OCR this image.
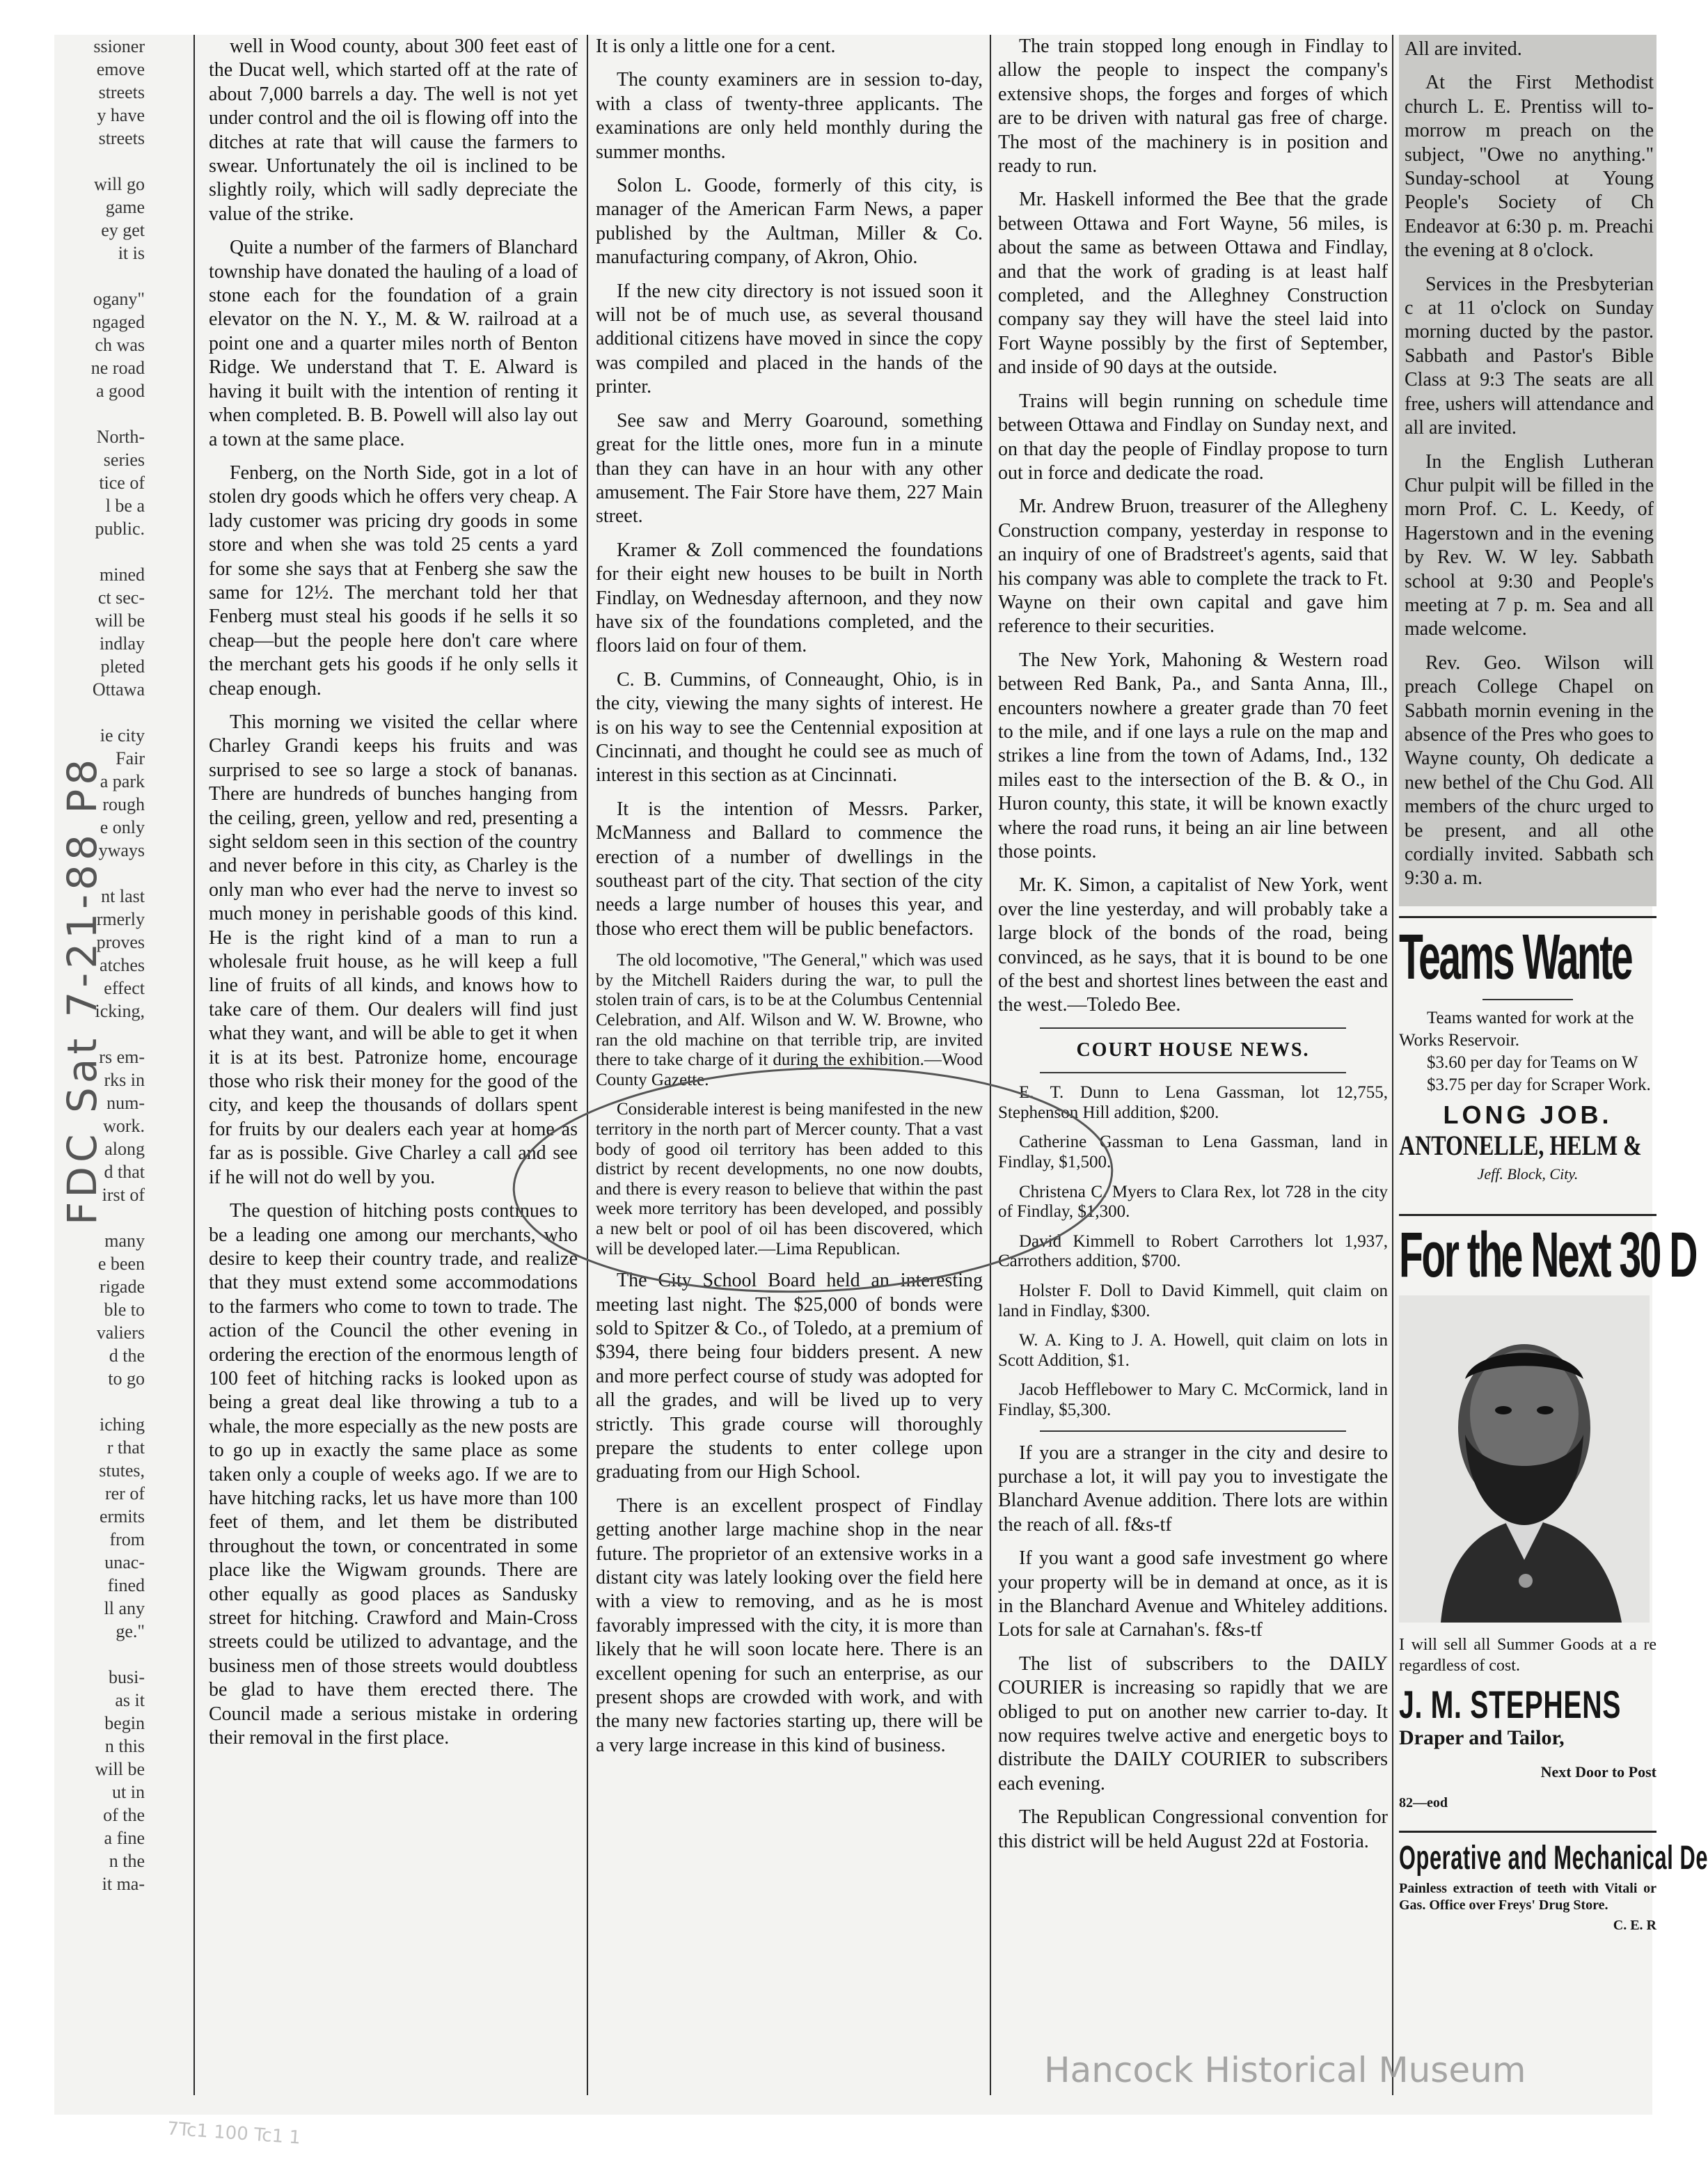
ssioner
emove
streets
y have
streets

will go
game
ey get
it is

ogany"
ngaged
ch was
ne road
a good

North-
series
tice of
l be a
public.

mined
ct sec-
will be
indlay
pleted
Ottawa

ie city
Fair
a park
rough
e only
yways

nt last
rmerly
proves
atches
effect
icking,

rs em-
rks in
num-
work.
along
d that
irst of

many
e been
rigade
ble to
valiers
d the
to go

iching
r that
stutes,
rer of
ermits
from
unac-
fined
ll any
ge."

busi-
as it
begin
n this
will be
ut in
of the
a fine
n the
it ma-

FDC Sat 7-21-88 P8

well in Wood county, about 300 feet east of the Ducat well, which started off at the rate of about 7,000 barrels a day. The well is not yet under control and the oil is flowing off into the ditches at rate that will cause the farmers to swear. Unfortunately the oil is inclined to be slightly roily, which will sadly depreciate the value of the strike.

Quite a number of the farmers of Blanchard township have donated the hauling of a load of stone each for the foundation of a grain elevator on the N. Y., M. & W. railroad at a point one and a quarter miles north of Benton Ridge. We understand that T. E. Alward is having it built with the intention of renting it when completed. B. B. Powell will also lay out a town at the same place.

Fenberg, on the North Side, got in a lot of stolen dry goods which he offers very cheap. A lady customer was pricing dry goods in some store and when she was told 25 cents a yard for some she says that at Fenberg she saw the same for 12½. The merchant told her that Fenberg must steal his goods if he sells it so cheap—but the people here don't care where the merchant gets his goods if he only sells it cheap enough.

This morning we visited the cellar where Charley Grandi keeps his fruits and was surprised to see so large a stock of bananas. There are hundreds of bunches hanging from the ceiling, green, yellow and red, presenting a sight seldom seen in this section of the country and never before in this city, as Charley is the only man who ever had the nerve to invest so much money in perishable goods of this kind. He is the right kind of a man to run a wholesale fruit house, as he will keep a full line of fruits of all kinds, and knows how to take care of them. Our dealers will find just what they want, and will be able to get it when it is at its best. Patronize home, encourage those who risk their money for the good of the city, and keep the thousands of dollars spent for fruits by our dealers each year at home as far as is possible. Give Charley a call and see if he will not do well by you.

The question of hitching posts continues to be a leading one among our merchants, who desire to keep their country trade, and realize that they must extend some accommodations to the farmers who come to town to trade. The action of the Council the other evening in ordering the erection of the enormous length of 100 feet of hitching racks is looked upon as being a great deal like throwing a tub to a whale, the more especially as the new posts are to go up in exactly the same place as some taken only a couple of weeks ago. If we are to have hitching racks, let us have more than 100 feet of them, and let them be distributed throughout the town, or concentrated in some place like the Wigwam grounds. There are other equally as good places as Sandusky street for hitching. Crawford and Main-Cross streets could be utilized to advantage, and the business men of those streets would doubtless be glad to have them erected there. The Council made a serious mistake in ordering their removal in the first place.

It is only a little one for a cent.

The county examiners are in session to-day, with a class of twenty-three applicants. The examinations are only held monthly during the summer months.

Solon L. Goode, formerly of this city, is manager of the American Farm News, a paper published by the Aultman, Miller & Co. manufacturing company, of Akron, Ohio.

If the new city directory is not issued soon it will not be of much use, as several thousand additional citizens have moved in since the copy was compiled and placed in the hands of the printer.

See saw and Merry Goaround, something great for the little ones, more fun in a minute than they can have in an hour with any other amusement. The Fair Store have them, 227 Main street.

Kramer & Zoll commenced the foundations for their eight new houses to be built in North Findlay, on Wednesday afternoon, and they now have six of the foundations completed, and the floors laid on four of them.

C. B. Cummins, of Conneaught, Ohio, is in the city, viewing the many sights of interest. He is on his way to see the Centennial exposition at Cincinnati, and thought he could see as much of interest in this section as at Cincinnati.

It is the intention of Messrs. Parker, McManness and Ballard to commence the erection of a number of dwellings in the southeast part of the city. That section of the city needs a large number of houses this year, and those who erect them will be public benefactors.

The old locomotive, "The General," which was used by the Mitchell Raiders during the war, to pull the stolen train of cars, is to be at the Columbus Centennial Celebration, and Alf. Wilson and W. W. Browne, who ran the old machine on that terrible trip, are invited there to take charge of it during the exhibition.—Wood County Gazette.

Considerable interest is being manifested in the new territory in the north part of Mercer county. That a vast body of good oil territory has been added to this district by recent developments, no one now doubts, and there is every reason to believe that within the past week more territory has been developed, and possibly a new belt or pool of oil has been discovered, which will be developed later.—Lima Republican.

The City School Board held an interesting meeting last night. The $25,000 of bonds were sold to Spitzer & Co., of Toledo, at a premium of $394, there being four bidders present. A new and more perfect course of study was adopted for all the grades, and will be lived up to very strictly. This grade course will thoroughly prepare the students to enter college upon graduating from our High School.

There is an excellent prospect of Findlay getting another large machine shop in the near future. The proprietor of an extensive works in a distant city was lately looking over the field here with a view to removing, and as he is most favorably impressed with the city, it is more than likely that he will soon locate here. There is an excellent opening for such an enterprise, as our present shops are crowded with work, and with the many new factories starting up, there will be a very large increase in this kind of business.

The train stopped long enough in Findlay to allow the people to inspect the company's extensive shops, the forges and forges of which are to be driven with natural gas free of charge. The most of the machinery is in position and ready to run.

Mr. Haskell informed the Bee that the grade between Ottawa and Fort Wayne, 56 miles, is about the same as between Ottawa and Findlay, and that the work of grading is at least half completed, and the Alleghney Construction company say they will have the steel laid into Fort Wayne possibly by the first of September, and inside of 90 days at the outside.

Trains will begin running on schedule time between Ottawa and Findlay on Sunday next, and on that day the people of Findlay propose to turn out in force and dedicate the road.

Mr. Andrew Bruon, treasurer of the Allegheny Construction company, yesterday in response to an inquiry of one of Bradstreet's agents, said that his company was able to complete the track to Ft. Wayne on their own capital and gave him reference to their securities.

The New York, Mahoning & Western road between Red Bank, Pa., and Santa Anna, Ill., encounters nowhere a greater grade than 70 feet to the mile, and if one lays a rule on the map and strikes a line from the town of Adams, Ind., 132 miles east to the intersection of the B. & O., in Huron county, this state, it will be known exactly where the road runs, it being an air line between those points.

Mr. K. Simon, a capitalist of New York, went over the line yesterday, and will probably take a large block of the bonds of the road, being convinced, as he says, that it is bound to be one of the best and shortest lines between the east and the west.—Toledo Bee.

COURT HOUSE NEWS.

E. T. Dunn to Lena Gassman, lot 12,755, Stephenson Hill addition, $200.

Catherine Gassman to Lena Gassman, land in Findlay, $1,500.

Christena C. Myers to Clara Rex, lot 728 in the city of Findlay, $1,300.

David Kimmell to Robert Carrothers lot 1,937, Carrothers addition, $700.

Holster F. Doll to David Kimmell, quit claim on land in Findlay, $300.

W. A. King to J. A. Howell, quit claim on lots in Scott Addition, $1.

Jacob Hefflebower to Mary C. McCormick, land in Findlay, $5,300.

If you are a stranger in the city and desire to purchase a lot, it will pay you to investigate the Blanchard Avenue addition. There lots are within the reach of all. f&s-tf

If you want a good safe investment go where your property will be in demand at once, as it is in the Blanchard Avenue and Whiteley additions. Lots for sale at Carnahan's. f&s-tf

The list of subscribers to the DAILY COURIER is increasing so rapidly that we are obliged to put on another new carrier to-day. It now requires twelve active and energetic boys to distribute the DAILY COURIER to subscribers each evening.

The Republican Congressional convention for this district will be held August 22d at Fostoria.

All are invited.

At the First Methodist church L. E. Prentiss will to-morrow m preach on the subject, "Owe no anything." Sunday-school at Young People's Society of Ch Endeavor at 6:30 p. m. Preachi the evening at 8 o'clock.

Services in the Presbyterian c at 11 o'clock on Sunday morning ducted by the pastor. Sabbath and Pastor's Bible Class at 9:3 The seats are all free, ushers will attendance and all are invited.

In the English Lutheran Chur pulpit will be filled in the morn Prof. C. L. Keedy, of Hagerstown and in the evening by Rev. W. W ley. Sabbath school at 9:30 and People's meeting at 7 p. m. Sea and all made welcome.

Rev. Geo. Wilson will preach College Chapel on Sabbath mornin evening in the absence of the Pres who goes to Wayne county, Oh dedicate a new bethel of the Chu God. All members of the churc urged to be present, and all othe cordially invited. Sabbath sch 9:30 a. m.

Teams Wante
Teams wanted for work at the
Works Reservoir.
$3.60 per day for Teams on W
$3.75 per day for Scraper Work.
LONG JOB.
ANTONELLE, HELM &
Jeff. Block, City.
For the Next 30 D
I will sell all Summer Goods at a re regardless of cost.
J. M. STEPHENS
Draper and Tailor,
Next Door to Post
82—eod
Operative and Mechanical De
Painless extraction of teeth with Vitali or Gas. Office over Freys' Drug Store.
C. E. R
Hancock Historical Museum
7Tc1 100 Tc1 1
